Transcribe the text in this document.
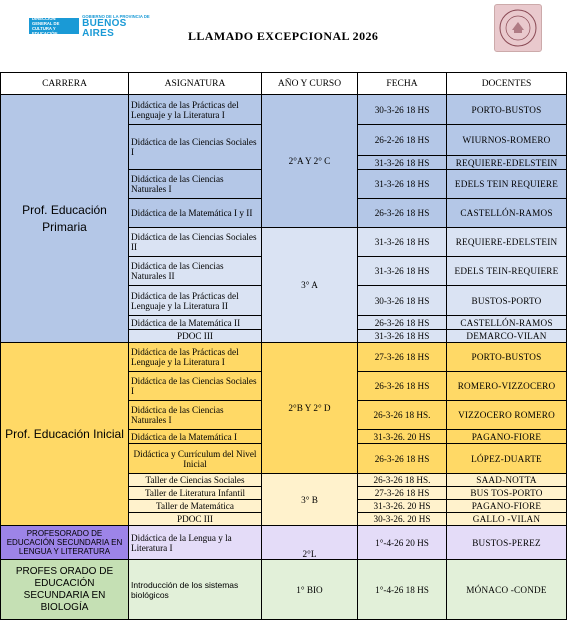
DIRECCIÓN GENERAL DE
CULTURA Y EDUCACIÓN
GOBIERNO DE LA PROVINCIA DE
BUENOS AIRES	LLAMADO EXCEPCIONAL 2026
CARRERA	ASIGNATURA	AÑO Y CURSO	FECHA	DOCENTES
Prof. Educación Primaria	Didáctica de las Prácticas del Lenguaje y la Literatura I	2°A Y 2° C	30-3-26 18 HS	PORTO-BUSTOS
	Didáctica de las Ciencias Sociales I		26-2-26 18 HS	WIURNOS-ROMERO
			31-3-26 18 HS	REQUIERE-EDELSTEIN
	Didáctica de las Ciencias Naturales I		31-3-26 18 HS	EDELS TEIN REQUIERE
	Didáctica de la Matemática I y II		26-3-26 18 HS	CASTELLÓN-RAMOS
	Didáctica de las Ciencias Sociales II	3° A	31-3-26 18 HS	REQUIERE-EDELSTEIN
	Didáctica de las Ciencias Naturales II		31-3-26 18 HS	EDELS TEIN-REQUIERE
	Didáctica de las Prácticas del Lenguaje y la Literatura II		30-3-26 18 HS	BUSTOS-PORTO
	Didáctica de la Matemática II		26-3-26 18 HS	CASTELLÓN-RAMOS
	PDOC III		31-3-26 18 HS	DEMARCO-VILAN
Prof. Educación Inicial	Didáctica de las Prácticas del Lenguaje y la Literatura I	2°B Y 2° D	27-3-26 18 HS	PORTO-BUSTOS
	Didáctica de las Ciencias Sociales I		26-3-26 18 HS	ROMERO-VIZZOCERO
	Didáctica de las Ciencias Naturales I		26-3-26 18 HS.	VIZZOCERO ROMERO
	Didáctica de la Matemática I		31-3-26. 20 HS	PAGANO-FIORE
	Didáctica y Currículum del Nivel Inicial		26-3-26 18 HS	LÓPEZ-DUARTE
	Taller de Ciencias Sociales	3° B	26-3-26 18 HS.	SAAD-NOTTA
	Taller de Literatura Infantil		27-3-26 18 HS	BUS TOS-PORTO
	Taller de Matemática		31-3-26. 20 HS	PAGANO-FIORE
	PDOC III		30-3-26. 20 HS	GALLO -VILAN
PROFESORADO DE EDUCACIÓN SECUNDARIA EN LENGUA Y LITERATURA	Didáctica de la Lengua y la Literatura I	2°L	1°-4-26 20 HS	BUSTOS-PEREZ
PROFES ORADO DE EDUCACIÓN SECUNDARIA EN BIOLOGÍA	Introducción de los sistemas biológicos	1° BIO	1°-4-26 18 HS	MÓNACO -CONDE
